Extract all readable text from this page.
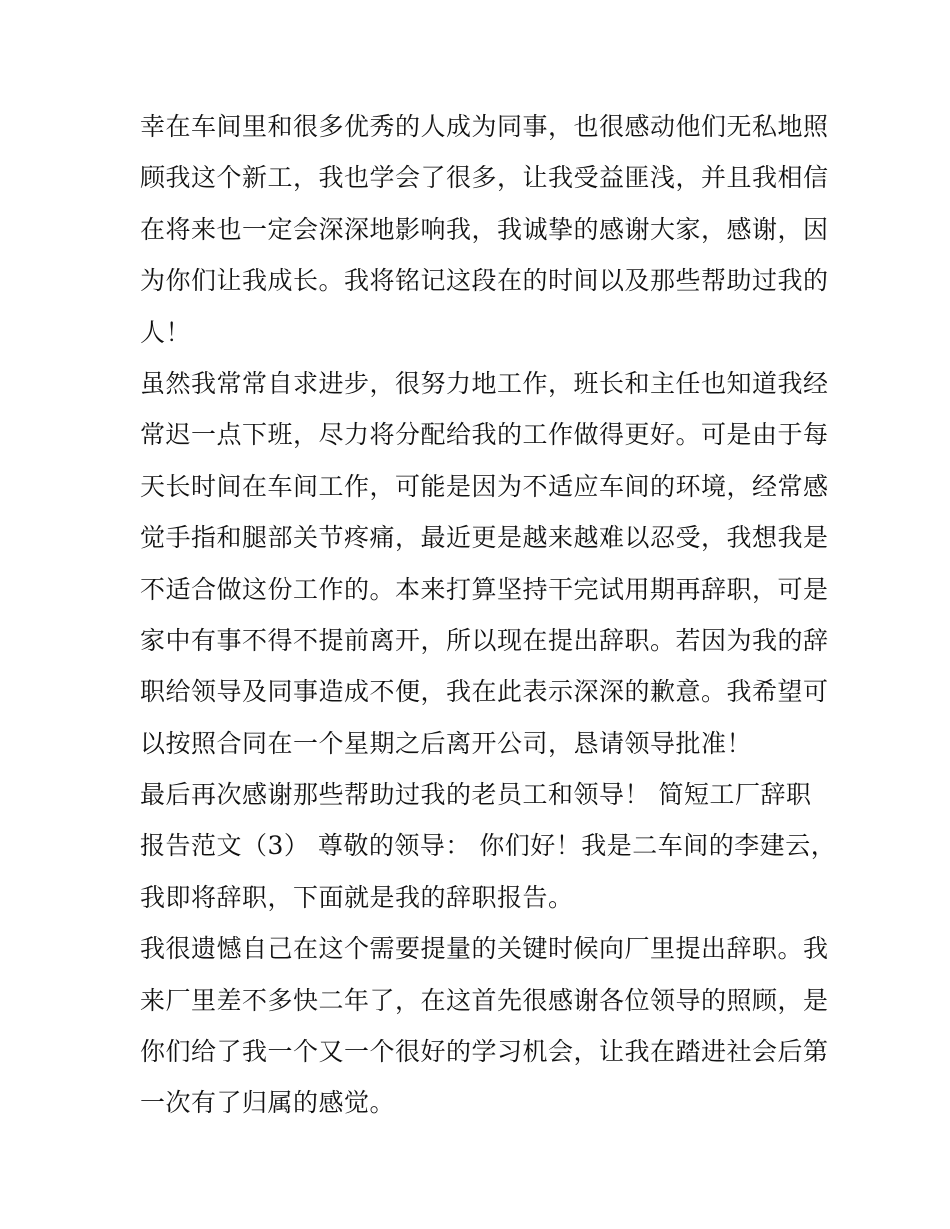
幸在车间里和很多优秀的人成为同事，也很感动他们无私地照
顾我这个新工，我也学会了很多，让我受益匪浅，并且我相信
在将来也一定会深深地影响我，我诚挚的感谢大家，感谢，因
为你们让我成长。我将铭记这段在的时间以及那些帮助过我的
人！
虽然我常常自求进步，很努力地工作，班长和主任也知道我经
常迟一点下班，尽力将分配给我的工作做得更好。可是由于每
天长时间在车间工作，可能是因为不适应车间的环境，经常感
觉手指和腿部关节疼痛，最近更是越来越难以忍受，我想我是
不适合做这份工作的。本来打算坚持干完试用期再辞职，可是
家中有事不得不提前离开，所以现在提出辞职。若因为我的辞
职给领导及同事造成不便，我在此表示深深的歉意。我希望可
以按照合同在一个星期之后离开公司，恳请领导批准！
最后再次感谢那些帮助过我的老员工和领导！ 简短工厂辞职
报告范文（3） 尊敬的领导： 你们好！我是二车间的李建云，
我即将辞职，下面就是我的辞职报告。
我很遗憾自己在这个需要提量的关键时候向厂里提出辞职。我
来厂里差不多快二年了，在这首先很感谢各位领导的照顾，是
你们给了我一个又一个很好的学习机会，让我在踏进社会后第
一次有了归属的感觉。
